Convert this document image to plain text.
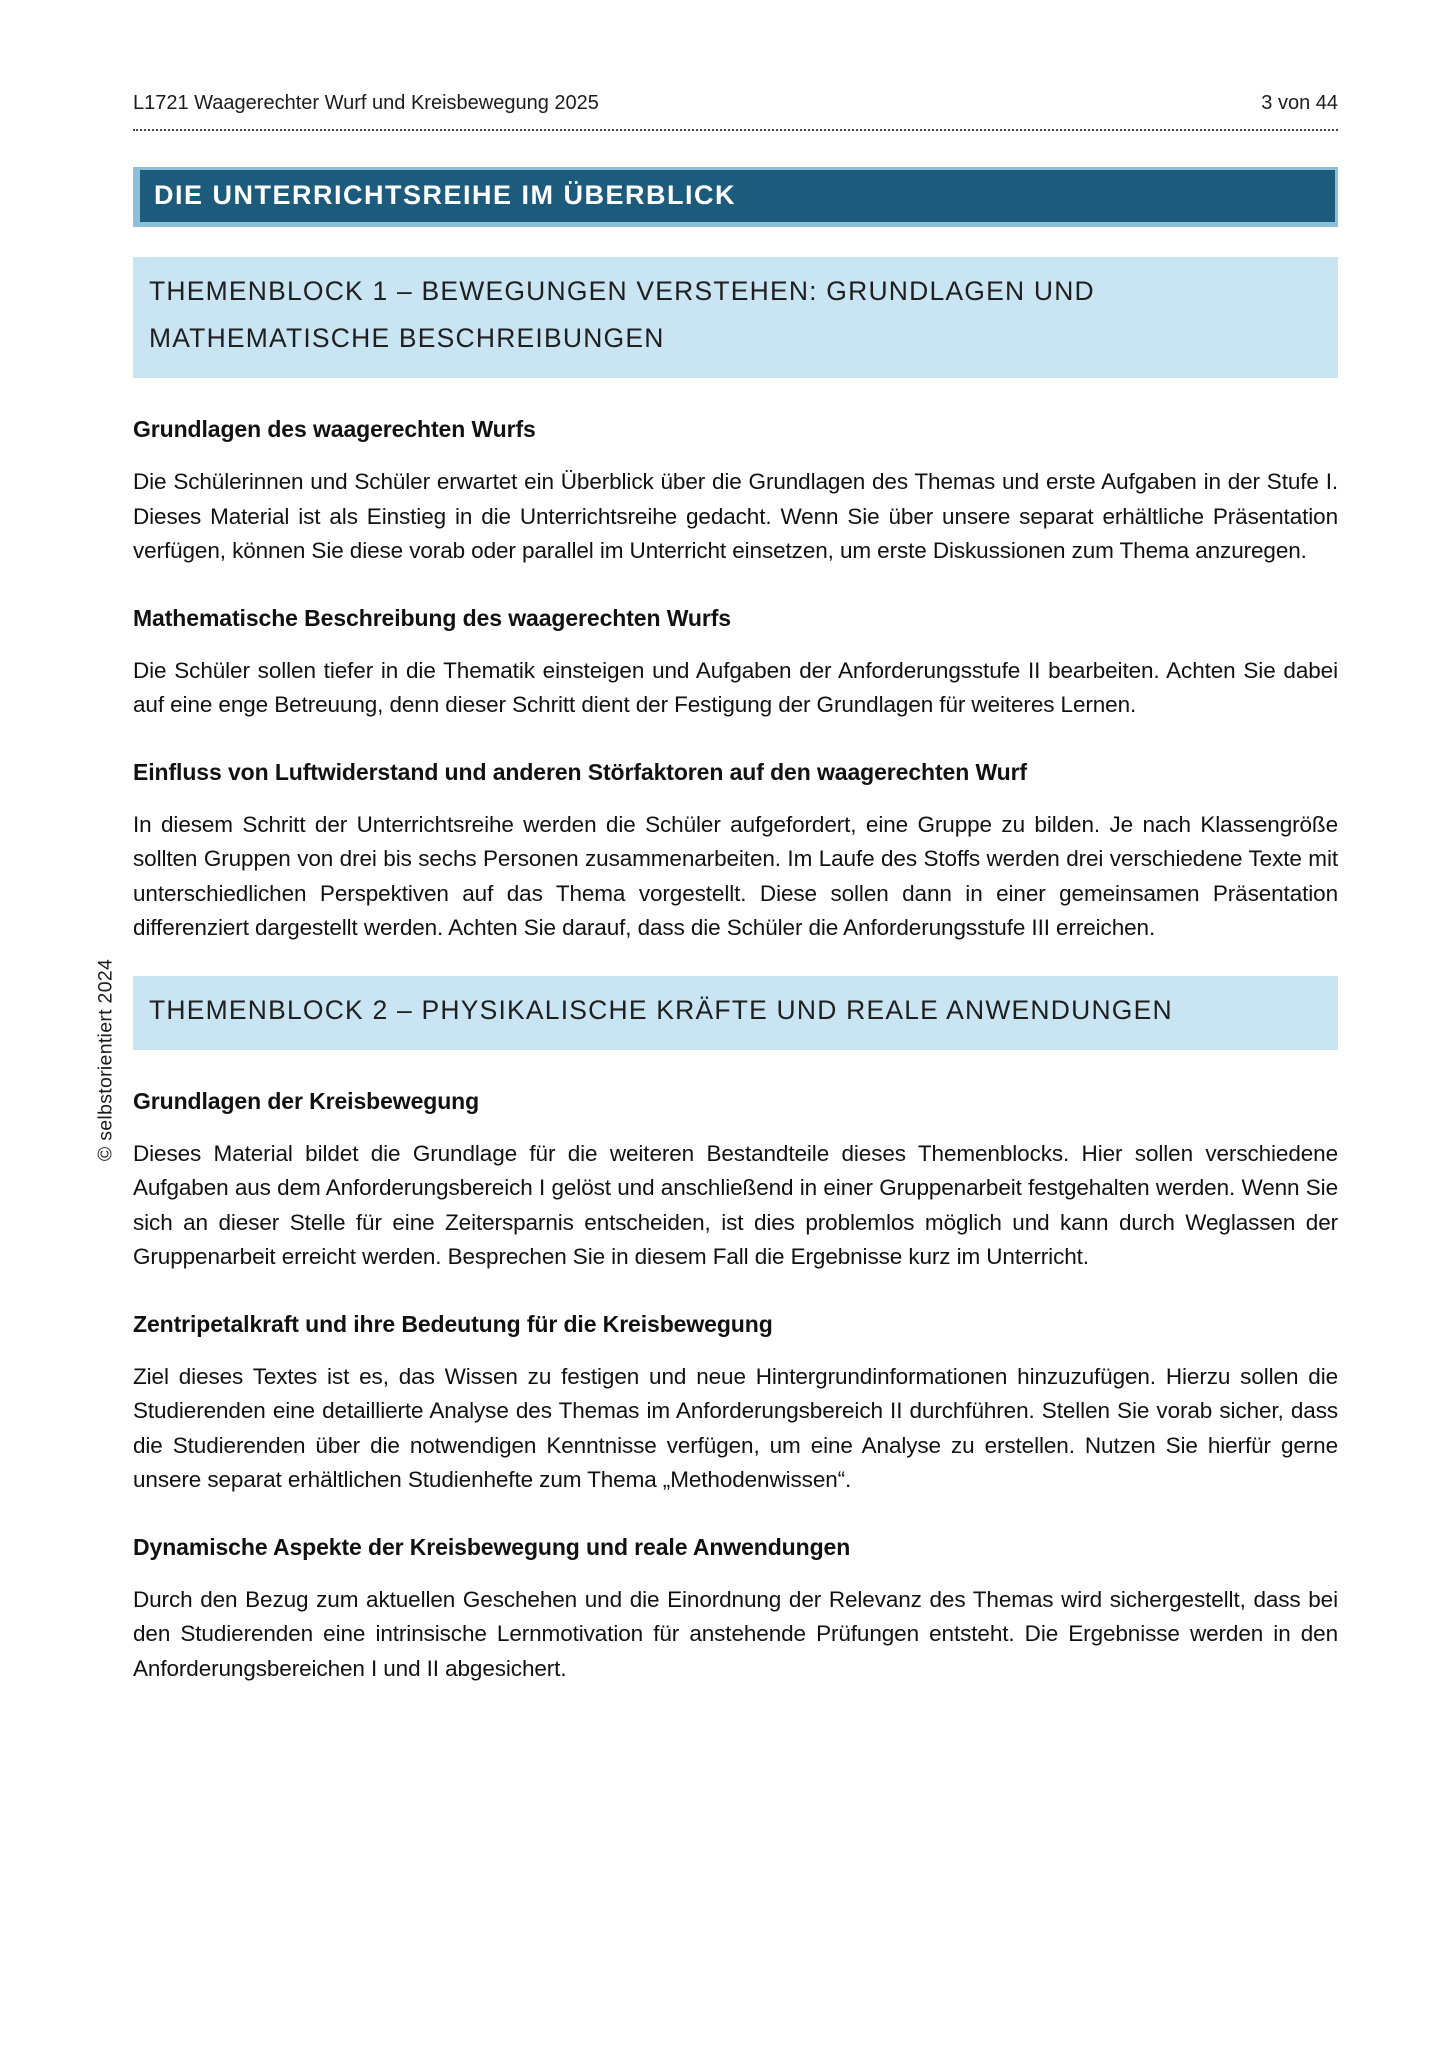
L1721 Waagerechter Wurf und Kreisbewegung 2025	3 von 44
DIE UNTERRICHTSREIHE IM ÜBERBLICK
THEMENBLOCK 1 – BEWEGUNGEN VERSTEHEN: GRUNDLAGEN UND MATHEMATISCHE BESCHREIBUNGEN
Grundlagen des waagerechten Wurfs

Die Schülerinnen und Schüler erwartet ein Überblick über die Grundlagen des Themas und erste Aufgaben in der Stufe I. Dieses Material ist als Einstieg in die Unterrichtsreihe gedacht. Wenn Sie über unsere separat erhältliche Präsentation verfügen, können Sie diese vorab oder parallel im Unterricht einsetzen, um erste Diskussionen zum Thema anzuregen.

Mathematische Beschreibung des waagerechten Wurfs

Die Schüler sollen tiefer in die Thematik einsteigen und Aufgaben der Anforderungsstufe II bearbeiten. Achten Sie dabei auf eine enge Betreuung, denn dieser Schritt dient der Festigung der Grundlagen für weiteres Lernen.

Einfluss von Luftwiderstand und anderen Störfaktoren auf den waagerechten Wurf

In diesem Schritt der Unterrichtsreihe werden die Schüler aufgefordert, eine Gruppe zu bilden. Je nach Klassengröße sollten Gruppen von drei bis sechs Personen zusammenarbeiten. Im Laufe des Stoffs werden drei verschiedene Texte mit unterschiedlichen Perspektiven auf das Thema vorgestellt. Diese sollen dann in einer gemeinsamen Präsentation differenziert dargestellt werden. Achten Sie darauf, dass die Schüler die Anforderungsstufe III erreichen.

THEMENBLOCK 2 – PHYSIKALISCHE KRÄFTE UND REALE ANWENDUNGEN
Grundlagen der Kreisbewegung

Dieses Material bildet die Grundlage für die weiteren Bestandteile dieses Themenblocks. Hier sollen verschiedene Aufgaben aus dem Anforderungsbereich I gelöst und anschließend in einer Gruppenarbeit festgehalten werden. Wenn Sie sich an dieser Stelle für eine Zeitersparnis entscheiden, ist dies problemlos möglich und kann durch Weglassen der Gruppenarbeit erreicht werden. Besprechen Sie in diesem Fall die Ergebnisse kurz im Unterricht.

Zentripetalkraft und ihre Bedeutung für die Kreisbewegung

Ziel dieses Textes ist es, das Wissen zu festigen und neue Hintergrundinformationen hinzuzufügen. Hierzu sollen die Studierenden eine detaillierte Analyse des Themas im Anforderungsbereich II durchführen. Stellen Sie vorab sicher, dass die Studierenden über die notwendigen Kenntnisse verfügen, um eine Analyse zu erstellen. Nutzen Sie hierfür gerne unsere separat erhältlichen Studienhefte zum Thema „Methodenwissen“.

Dynamische Aspekte der Kreisbewegung und reale Anwendungen

Durch den Bezug zum aktuellen Geschehen und die Einordnung der Relevanz des Themas wird sichergestellt, dass bei den Studierenden eine intrinsische Lernmotivation für anstehende Prüfungen entsteht. Die Ergebnisse werden in den Anforderungsbereichen I und II abgesichert.

© selbstorientiert 2024
